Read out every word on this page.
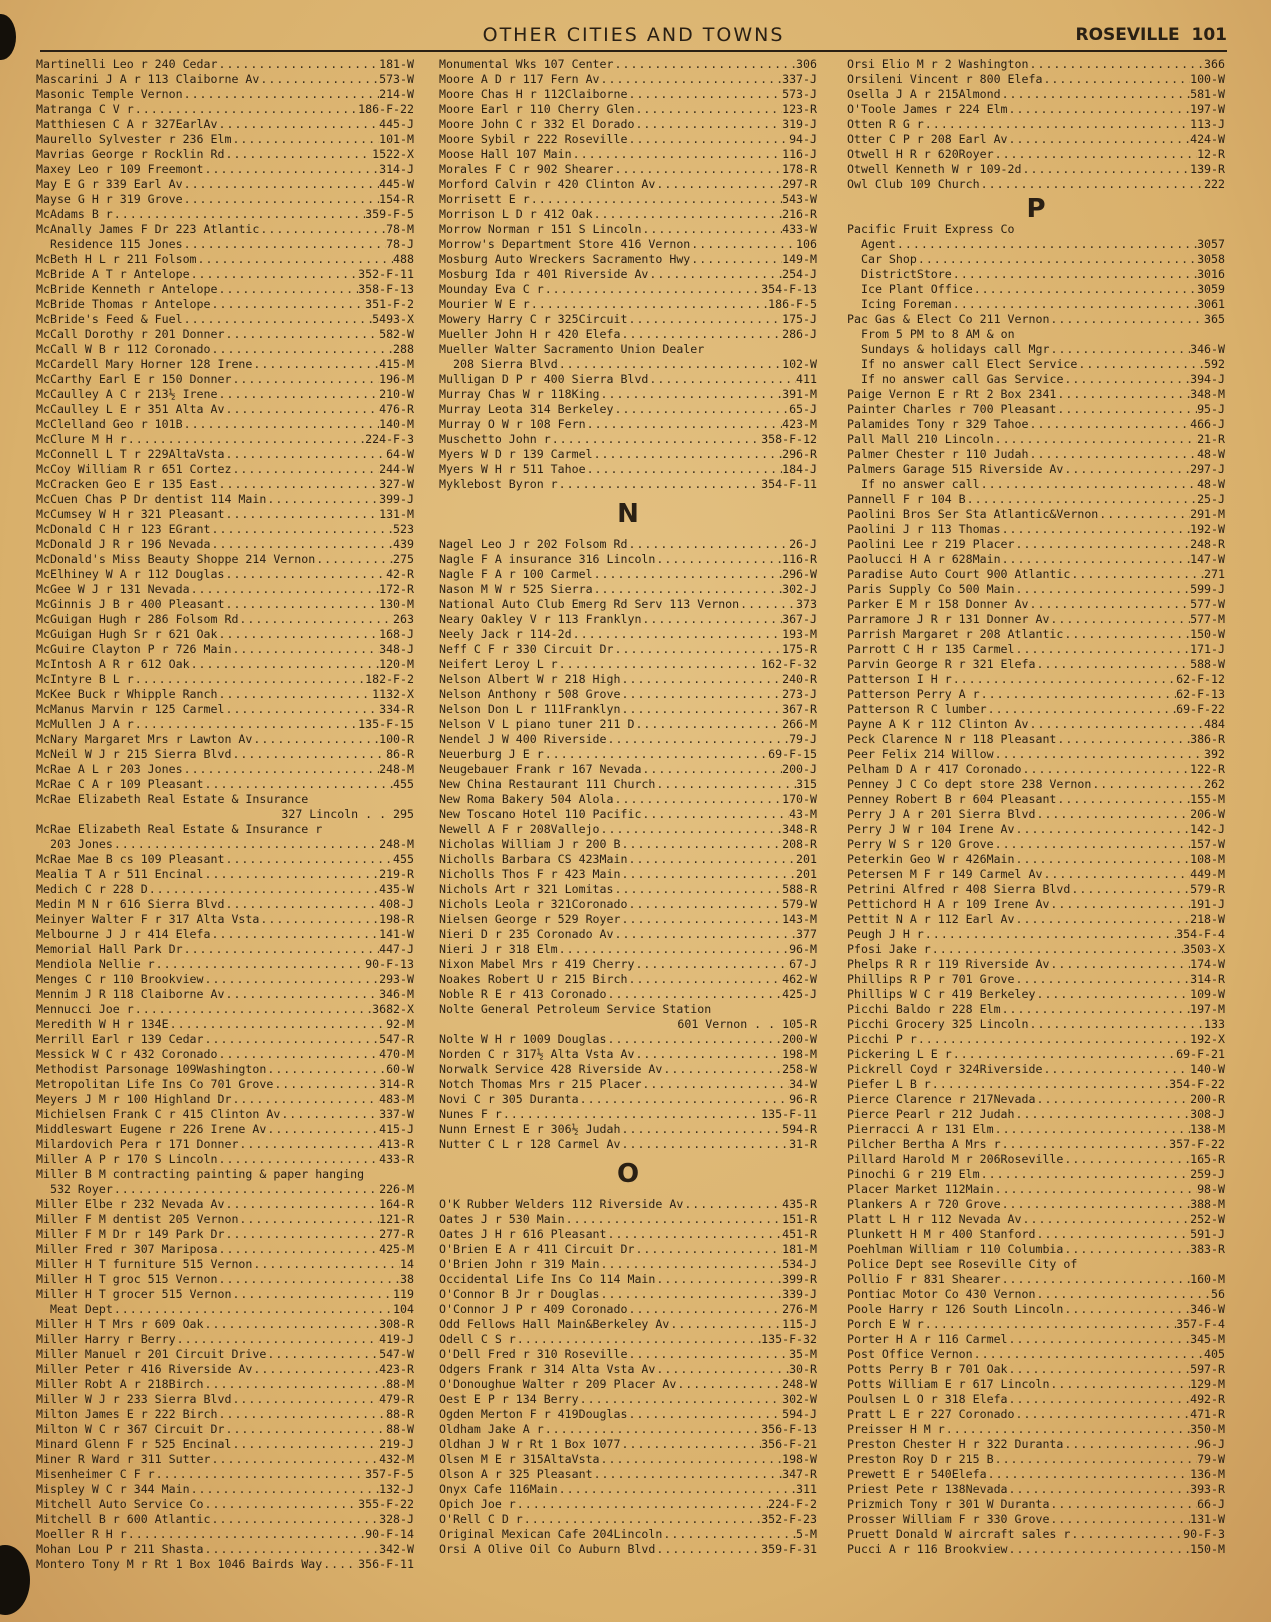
OTHER CITIES AND TOWNS	ROSEVILLE 101
Martinelli Leo r 240 Cedar .....	181-W
Mascarini J A r 113 Claiborne Av .....	573-W
Masonic Temple Vernon .....	214-W
Matranga C V r .....	186-F-22
Matthiesen C A r 327EarlAv .....	445-J
Maurello Sylvester r 236 Elm .....	101-M
Mavrias George r Rocklin Rd .....	1522-X
Maxey Leo r 109 Freemont .....	314-J
May E G r 339 Earl Av .....	445-W
Mayse G H r 319 Grove .....	154-R
McAdams B r .....	359-F-5
McAnally James F Dr 223 Atlantic .....	78-M
Residence 115 Jones .....	78-J
McBeth H L r 211 Folsom .....	488
McBride A T r Antelope .....	352-F-11
McBride Kenneth r Antelope .....	358-F-13
McBride Thomas r Antelope .....	351-F-2
McBride's Feed & Fuel .....	5493-X
McCall Dorothy r 201 Donner .....	582-W
McCall W B r 112 Coronado .....	288
McCardell Mary Horner 128 Irene .....	415-M
McCarthy Earl E r 150 Donner .....	196-M
McCaulley A C r 213½ Irene .....	210-W
McCaulley L E r 351 Alta Av .....	476-R
McClelland Geo r 101B .....	140-M
McClure M H r .....	224-F-3
McConnell L T r 229AltaVsta .....	64-W
McCoy William R r 651 Cortez .....	244-W
McCracken Geo E r 135 East .....	327-W
McCuen Chas P Dr dentist 114 Main .....	399-J
McCumsey W H r 321 Pleasant .....	131-M
McDonald C H r 123 EGrant .....	523
McDonald J R r 196 Nevada .....	439
McDonald's Miss Beauty Shoppe 214 Vernon .....	275
McElhiney W A r 112 Douglas .....	42-R
McGee W J r 131 Nevada .....	172-R
McGinnis J B r 400 Pleasant .....	130-M
McGuigan Hugh r 286 Folsom Rd .....	263
McGuigan Hugh Sr r 621 Oak .....	168-J
McGuire Clayton P r 726 Main .....	348-J
McIntosh A R r 612 Oak .....	120-M
McIntyre B L r .....	182-F-2
McKee Buck r Whipple Ranch .....	1132-X
McManus Marvin r 125 Carmel .....	334-R
McMullen J A r .....	135-F-15
McNary Margaret Mrs r Lawton Av .....	100-R
McNeil W J r 215 Sierra Blvd .....	86-R
McRae A L r 203 Jones .....	248-M
McRae C A r 109 Pleasant .....	455
McRae Elizabeth Real Estate & Insurance
327 Lincoln . . 295
McRae Elizabeth Real Estate & Insurance r
203 Jones .....	248-M
McRae Mae B cs 109 Pleasant .....	455
Mealia T A r 511 Encinal .....	219-R
Medich C r 228 D .....	435-W
Medin M N r 616 Sierra Blvd .....	408-J
Meinyer Walter F r 317 Alta Vsta .....	198-R
Melbourne J J r 414 Elefa .....	141-W
Memorial Hall Park Dr .....	447-J
Mendiola Nellie r .....	90-F-13
Menges C r 110 Brookview .....	293-W
Mennim J R 118 Claiborne Av .....	346-M
Mennucci Joe r .....	3682-X
Meredith W H r 134E .....	92-M
Merrill Earl r 139 Cedar .....	547-R
Messick W C r 432 Coronado .....	470-M
Methodist Parsonage 109Washington .....	60-W
Metropolitan Life Ins Co 701 Grove .....	314-R
Meyers J M r 100 Highland Dr .....	483-M
Michielsen Frank C r 415 Clinton Av .....	337-W
Middleswart Eugene r 226 Irene Av .....	415-J
Milardovich Pera r 171 Donner .....	413-R
Miller A P r 170 S Lincoln .....	433-R
Miller B M contracting painting & paper hanging
532 Royer .....	226-M
Miller Elbe r 232 Nevada Av .....	164-R
Miller F M dentist 205 Vernon .....	121-R
Miller F M Dr r 149 Park Dr .....	277-R
Miller Fred r 307 Mariposa .....	425-M
Miller H T furniture 515 Vernon .....	14
Miller H T groc 515 Vernon .....	38
Miller H T grocer 515 Vernon .....	119
Meat Dept .....	104
Miller H T Mrs r 609 Oak .....	308-R
Miller Harry r Berry .....	419-J
Miller Manuel r 201 Circuit Drive .....	547-W
Miller Peter r 416 Riverside Av .....	423-R
Miller Robt A r 218Birch .....	88-M
Miller W J r 233 Sierra Blvd .....	479-R
Milton James E r 222 Birch .....	88-R
Milton W C r 367 Circuit Dr .....	88-W
Minard Glenn F r 525 Encinal .....	219-J
Miner R Ward r 311 Sutter .....	432-M
Misenheimer C F r .....	357-F-5
Mispley W C r 344 Main .....	132-J
Mitchell Auto Service Co .....	355-F-22
Mitchell B r 600 Atlantic .....	328-J
Moeller R H r .....	90-F-14
Mohan Lou P r 211 Shasta .....	342-W
Montero Tony M r Rt 1 Box 1046 Bairds Way .....	356-F-11
Monumental Wks 107 Center .....	306
Moore A D r 117 Fern Av .....	337-J
Moore Chas H r 112Claiborne .....	573-J
Moore Earl r 110 Cherry Glen .....	123-R
Moore John C r 332 El Dorado .....	319-J
Moore Sybil r 222 Roseville .....	94-J
Moose Hall 107 Main .....	116-J
Morales F C r 902 Shearer .....	178-R
Morford Calvin r 420 Clinton Av .....	297-R
Morrisett E r .....	543-W
Morrison L D r 412 Oak .....	216-R
Morrow Norman r 151 S Lincoln .....	433-W
Morrow's Department Store 416 Vernon .....	106
Mosburg Auto Wreckers Sacramento Hwy .....	149-M
Mosburg Ida r 401 Riverside Av .....	254-J
Mounday Eva C r .....	354-F-13
Mourier W E r .....	186-F-5
Mowery Harry C r 325Circuit .....	175-J
Mueller John H r 420 Elefa .....	286-J
Mueller Walter Sacramento Union Dealer
208 Sierra Blvd .....	102-W
Mulligan D P r 400 Sierra Blvd .....	411
Murray Chas W r 118King .....	391-M
Murray Leota 314 Berkeley .....	65-J
Murray O W r 108 Fern .....	423-M
Muschetto John r .....	358-F-12
Myers W D r 139 Carmel .....	296-R
Myers W H r 511 Tahoe .....	184-J
Myklebost Byron r .....	354-F-11
N
Nagel Leo J r 202 Folsom Rd .....	26-J
Nagle F A insurance 316 Lincoln .....	116-R
Nagle F A r 100 Carmel .....	296-W
Nason M W r 525 Sierra .....	302-J
National Auto Club Emerg Rd Serv 113 Vernon .....	373
Neary Oakley V r 113 Franklyn .....	367-J
Neely Jack r 114-2d .....	193-M
Neff C F r 330 Circuit Dr .....	175-R
Neifert Leroy L r .....	162-F-32
Nelson Albert W r 218 High .....	240-R
Nelson Anthony r 508 Grove .....	273-J
Nelson Don L r 111Franklyn .....	367-R
Nelson V L piano tuner 211 D .....	266-M
Nendel J W 400 Riverside .....	79-J
Neuerburg J E r .....	69-F-15
Neugebauer Frank r 167 Nevada .....	200-J
New China Restaurant 111 Church .....	315
New Roma Bakery 504 Alola .....	170-W
New Toscano Hotel 110 Pacific .....	43-M
Newell A F r 208Vallejo .....	348-R
Nicholas William J r 200 B .....	208-R
Nicholls Barbara CS 423Main .....	201
Nicholls Thos F r 423 Main .....	201
Nichols Art r 321 Lomitas .....	588-R
Nichols Leola r 321Coronado .....	579-W
Nielsen George r 529 Royer .....	143-M
Nieri D r 235 Coronado Av .....	377
Nieri J r 318 Elm .....	96-M
Nixon Mabel Mrs r 419 Cherry .....	67-J
Noakes Robert U r 215 Birch .....	462-W
Noble R E r 413 Coronado .....	425-J
Nolte General Petroleum Service Station
601 Vernon . . 105-R
Nolte W H r 1009 Douglas .....	200-W
Norden C r 317½ Alta Vsta Av .....	198-M
Norwalk Service 428 Riverside Av .....	258-W
Notch Thomas Mrs r 215 Placer .....	34-W
Novi C r 305 Duranta .....	96-R
Nunes F r .....	135-F-11
Nunn Ernest E r 306½ Judah .....	594-R
Nutter C L r 128 Carmel Av .....	31-R
O
O'K Rubber Welders 112 Riverside Av .....	435-R
Oates J r 530 Main .....	151-R
Oates J H r 616 Pleasant .....	451-R
O'Brien E A r 411 Circuit Dr .....	181-M
O'Brien John r 319 Main .....	534-J
Occidental Life Ins Co 114 Main .....	399-R
O'Connor B Jr r Douglas .....	339-J
O'Connor J P r 409 Coronado .....	276-M
Odd Fellows Hall Main&Berkeley Av .....	115-J
Odell C S r .....	135-F-32
O'Dell Fred r 310 Roseville .....	35-M
Odgers Frank r 314 Alta Vsta Av .....	30-R
O'Donoughue Walter r 209 Placer Av .....	248-W
Oest E P r 134 Berry .....	302-W
Ogden Merton F r 419Douglas .....	594-J
Oldham Jake A r .....	356-F-13
Oldhan J W r Rt 1 Box 1077 .....	356-F-21
Olsen M E r 315AltaVsta .....	198-W
Olson A r 325 Pleasant .....	347-R
Onyx Cafe 116Main .....	311
Opich Joe r .....	224-F-2
O'Rell C D r .....	352-F-23
Original Mexican Cafe 204Lincoln .....	5-M
Orsi A Olive Oil Co Auburn Blvd .....	359-F-31
Orsi Elio M r 2 Washington .....	366
Orsileni Vincent r 800 Elefa .....	100-W
Osella J A r 215Almond .....	581-W
O'Toole James r 224 Elm .....	197-W
Otten R G r .....	113-J
Otter C P r 208 Earl Av .....	424-W
Otwell H R r 620Royer .....	12-R
Otwell Kenneth W r 109-2d .....	139-R
Owl Club 109 Church .....	222
P
Pacific Fruit Express Co
Agent .....	3057
Car Shop .....	3058
DistrictStore .....	3016
Ice Plant Office .....	3059
Icing Foreman .....	3061
Pac Gas & Elect Co 211 Vernon .....	365
From 5 PM to 8 AM & on
Sundays & holidays call Mgr .....	346-W
If no answer call Elect Service .....	592
If no answer call Gas Service .....	394-J
Paige Vernon E r Rt 2 Box 2341 .....	348-M
Painter Charles r 700 Pleasant .....	95-J
Palamides Tony r 329 Tahoe .....	466-J
Pall Mall 210 Lincoln .....	21-R
Palmer Chester r 110 Judah .....	48-W
Palmers Garage 515 Riverside Av .....	297-J
If no answer call .....	48-W
Pannell F r 104 B .....	25-J
Paolini Bros Ser Sta Atlantic&Vernon .....	291-M
Paolini J r 113 Thomas .....	192-W
Paolini Lee r 219 Placer .....	248-R
Paolucci H A r 628Main .....	147-W
Paradise Auto Court 900 Atlantic .....	271
Paris Supply Co 500 Main .....	599-J
Parker E M r 158 Donner Av .....	577-W
Parramore J R r 131 Donner Av .....	577-M
Parrish Margaret r 208 Atlantic .....	150-W
Parrott C H r 135 Carmel .....	171-J
Parvin George R r 321 Elefa .....	588-W
Patterson I H r .....	62-F-12
Patterson Perry A r .....	62-F-13
Patterson R C lumber .....	69-F-22
Payne A K r 112 Clinton Av .....	484
Peck Clarence N r 118 Pleasant .....	386-R
Peer Felix 214 Willow .....	392
Pelham D A r 417 Coronado .....	122-R
Penney J C Co dept store 238 Vernon .....	262
Penney Robert B r 604 Pleasant .....	155-M
Perry J A r 201 Sierra Blvd .....	206-W
Perry J W r 104 Irene Av .....	142-J
Perry W S r 120 Grove .....	157-W
Peterkin Geo W r 426Main .....	108-M
Petersen M F r 149 Carmel Av .....	449-M
Petrini Alfred r 408 Sierra Blvd .....	579-R
Pettichord H A r 109 Irene Av .....	191-J
Pettit N A r 112 Earl Av .....	218-W
Peugh J H r .....	354-F-4
Pfosi Jake r .....	3503-X
Phelps R R r 119 Riverside Av .....	174-W
Phillips R P r 701 Grove .....	314-R
Phillips W C r 419 Berkeley .....	109-W
Picchi Baldo r 228 Elm .....	197-M
Picchi Grocery 325 Lincoln .....	133
Picchi P r .....	192-X
Pickering L E r .....	69-F-21
Pickrell Coyd r 324Riverside .....	140-W
Piefer L B r .....	354-F-22
Pierce Clarence r 217Nevada .....	200-R
Pierce Pearl r 212 Judah .....	308-J
Pierracci A r 131 Elm .....	138-M
Pilcher Bertha A Mrs r .....	357-F-22
Pillard Harold M r 206Roseville .....	165-R
Pinochi G r 219 Elm .....	259-J
Placer Market 112Main .....	98-W
Plankers A r 720 Grove .....	388-M
Platt L H r 112 Nevada Av .....	252-W
Plunkett H M r 400 Stanford .....	591-J
Poehlman William r 110 Columbia .....	383-R
Police Dept see Roseville City of
Pollio F r 831 Shearer .....	160-M
Pontiac Motor Co 430 Vernon .....	56
Poole Harry r 126 South Lincoln .....	346-W
Porch E W r .....	357-F-4
Porter H A r 116 Carmel .....	345-M
Post Office Vernon .....	405
Potts Perry B r 701 Oak .....	597-R
Potts William E r 617 Lincoln .....	129-M
Poulsen L O r 318 Elefa .....	492-R
Pratt L E r 227 Coronado .....	471-R
Preisser H M r .....	350-M
Preston Chester H r 322 Duranta .....	96-J
Preston Roy D r 215 B .....	79-W
Prewett E r 540Elefa .....	136-M
Priest Pete r 138Nevada .....	393-R
Prizmich Tony r 301 W Duranta .....	66-J
Prosser William F r 330 Grove .....	131-W
Pruett Donald W aircraft sales r .....	90-F-3
Pucci A r 116 Brookview .....	150-M
